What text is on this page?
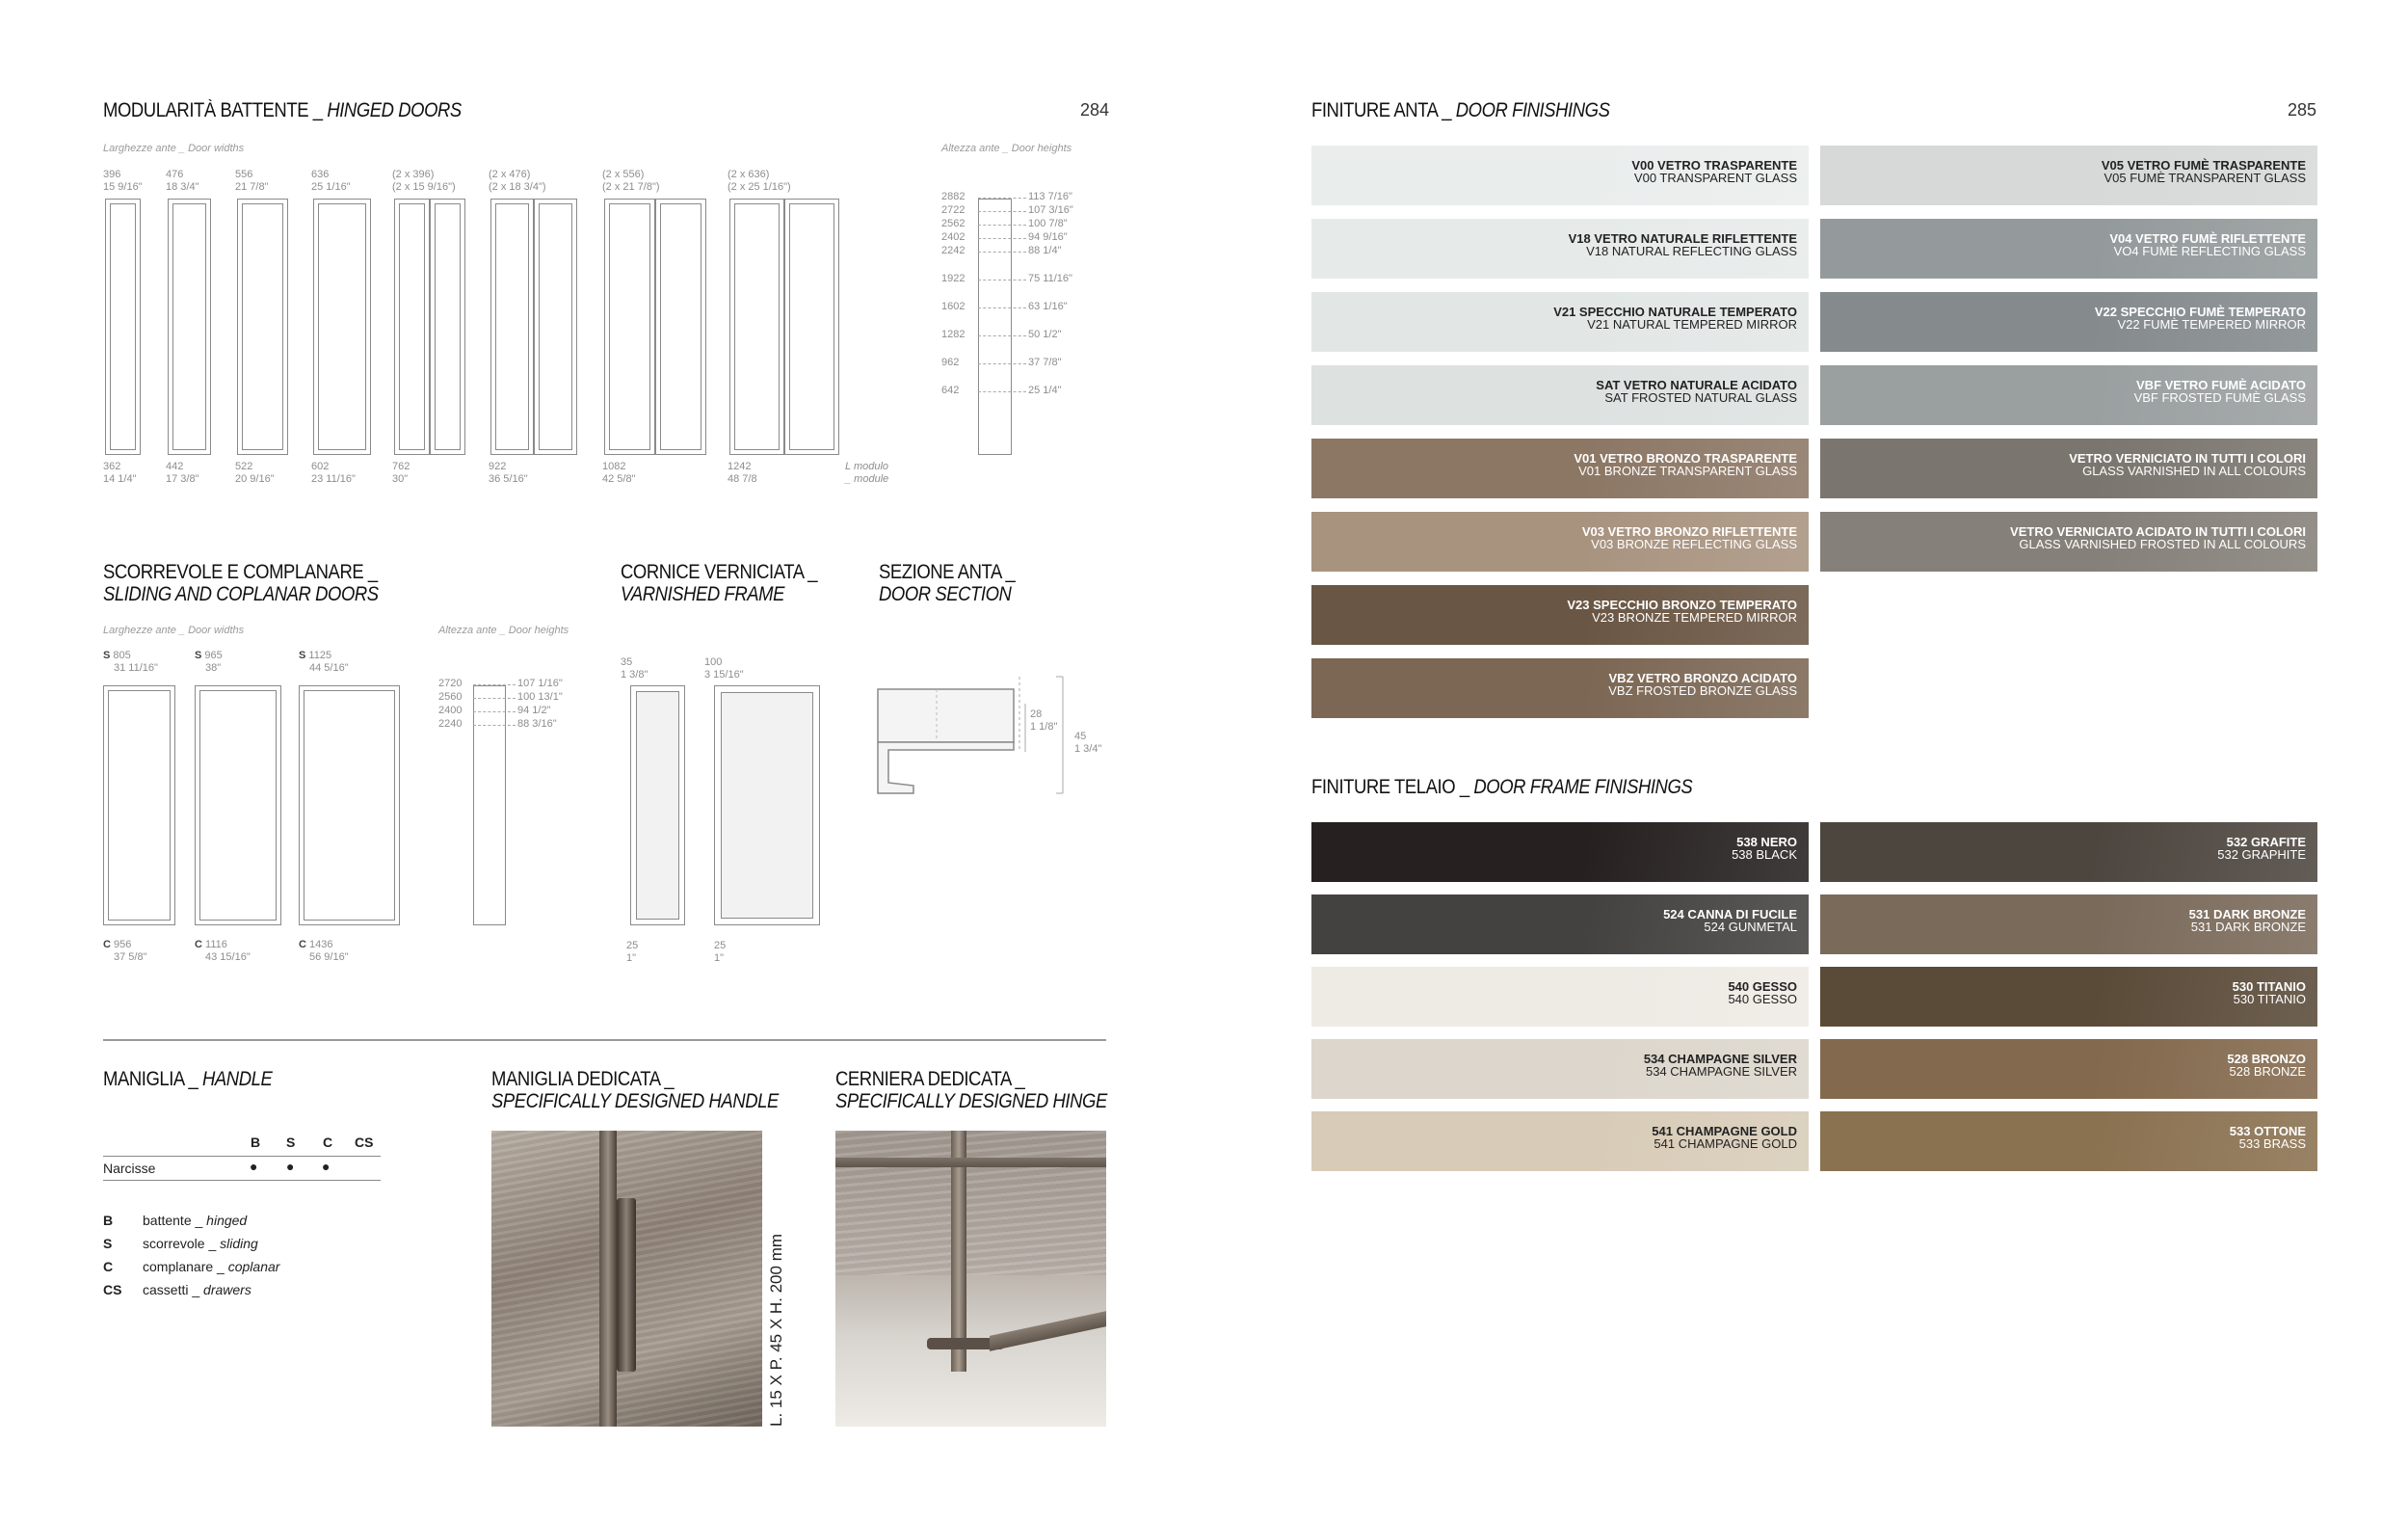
MODULARITÀ BATTENTE _ HINGED DOORS	284
Larghezze ante _ Door widths	Altezza ante _ Door heights
396
15 9/16"
476
18 3/4"
556
21 7/8"
636
25 1/16"
(2 x 396)
(2 x 15 9/16")
(2 x 476)
(2 x 18 3/4")
(2 x 556)
(2 x 21 7/8")
(2 x 636)
(2 x 25 1/16")
362
14 1/4"
442
17 3/8"
522
20 9/16"
602
23 11/16"
762
30"
922
36 5/16"
1082
42 5/8"
1242
48 7/8
L modulo
_ module
2882
2722
2562
2402
2242
1922
1602
1282
962
642
113 7/16"
107 3/16"
100 7/8"
94 9/16"
88 1/4"
75 11/16"
63 1/16"
50 1/2"
37 7/8"
25 1/4"
SCORREVOLE E COMPLANARE _
SLIDING AND COPLANAR DOORS
Larghezze ante _ Door widths	Altezza ante _ Door heights
S 805
31 11/16"
S 965
38"
S 1125
44 5/16"
C 956
37 5/8"
C 1116
43 15/16"
C 1436
56 9/16"
2720
2560
2400
2240
107 1/16"
100 13/1"
94 1/2"
88 3/16"
CORNICE VERNICIATA _
VARNISHED FRAME
35
1 3/8"
100
3 15/16"
25
1"
25
1"
SEZIONE ANTA _
DOOR SECTION
28
1 1/8"
45
1 3/4"
MANIGLIA _ HANDLE
B S C CS
Narcisse	● ● ●
B battente _ hinged
S scorrevole _ sliding
C complanare _ coplanar
CS cassetti _ drawers
MANIGLIA DEDICATA _
SPECIFICALLY DESIGNED HANDLE
L. 15 X P. 45 X H. 200 mm
CERNIERA DEDICATA _
SPECIFICALLY DESIGNED HINGE
FINITURE ANTA _ DOOR FINISHINGS	285
V00 VETRO TRASPARENTE
V00 TRANSPARENT GLASS
V18 VETRO NATURALE RIFLETTENTE
V18 NATURAL REFLECTING GLASS
V21 SPECCHIO NATURALE TEMPERATO
V21 NATURAL TEMPERED MIRROR
SAT VETRO NATURALE ACIDATO
SAT FROSTED NATURAL GLASS
V01 VETRO BRONZO TRASPARENTE
V01 BRONZE TRANSPARENT GLASS
V03 VETRO BRONZO RIFLETTENTE
V03 BRONZE REFLECTING GLASS
V23 SPECCHIO BRONZO TEMPERATO
V23 BRONZE TEMPERED MIRROR
VBZ VETRO BRONZO ACIDATO
VBZ FROSTED BRONZE GLASS
V05 VETRO FUMÈ TRASPARENTE
V05 FUMÈ TRANSPARENT GLASS
V04 VETRO FUMÈ RIFLETTENTE
VO4 FUMÈ REFLECTING GLASS
V22 SPECCHIO FUMÈ TEMPERATO
V22 FUMÈ TEMPERED MIRROR
VBF VETRO FUMÈ ACIDATO
VBF FROSTED FUMÈ GLASS
VETRO VERNICIATO IN TUTTI I COLORI
GLASS VARNISHED IN ALL COLOURS
VETRO VERNICIATO ACIDATO IN TUTTI I COLORI
GLASS VARNISHED FROSTED IN ALL COLOURS
FINITURE TELAIO _ DOOR FRAME FINISHINGS
538 NERO
538 BLACK
524 CANNA DI FUCILE
524 GUNMETAL
540 GESSO
540 GESSO
534 CHAMPAGNE SILVER
534 CHAMPAGNE SILVER
541 CHAMPAGNE GOLD
541 CHAMPAGNE GOLD
532 GRAFITE
532 GRAPHITE
531 DARK BRONZE
531 DARK BRONZE
530 TITANIO
530 TITANIO
528 BRONZO
528 BRONZE
533 OTTONE
533 BRASS
